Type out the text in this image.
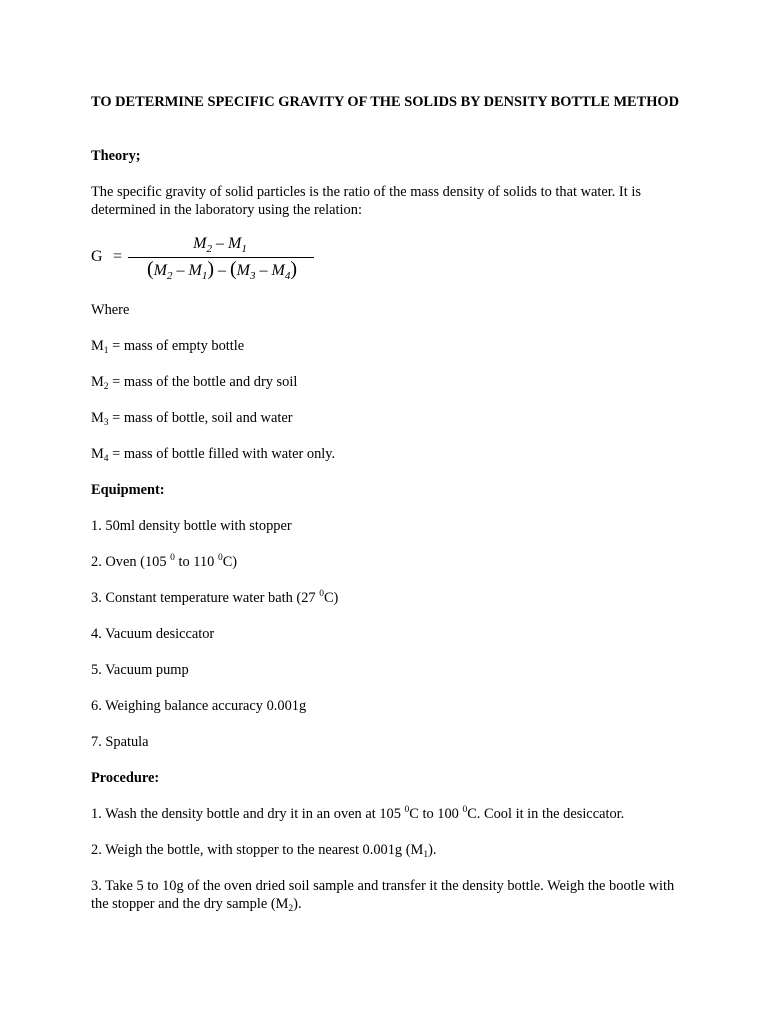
TO DETERMINE SPECIFIC GRAVITY OF THE SOLIDS BY DENSITY BOTTLE METHOD

Theory;

The specific gravity of solid particles is the ratio of the mass density of solids to that water. It is determined in the laboratory using the relation:

G =
$M_2 - M_1$
$(M_2 - M_1) - (M_3 - M_4)$

Where

$M_1$ = mass of empty bottle

$M_2$ = mass of the bottle and dry soil

$M_3$ = mass of bottle, soil and water

$M_4$ = mass of bottle filled with water only.

Equipment:

1. 50ml density bottle with stopper

2. Oven (105 $^0$ to 110 $^0$C)

3. Constant temperature water bath (27 $^0$C)

4. Vacuum desiccator

5. Vacuum pump

6. Weighing balance accuracy 0.001g

7. Spatula

Procedure:

1. Wash the density bottle and dry it in an oven at 105 $^0$C to 100 $^0$C. Cool it in the desiccator.

2. Weigh the bottle, with stopper to the nearest 0.001g $(M_1)$.

3. Take 5 to 10g of the oven dried soil sample and transfer it the density bottle. Weigh the bootle with the stopper and the dry sample $(M_2)$.
